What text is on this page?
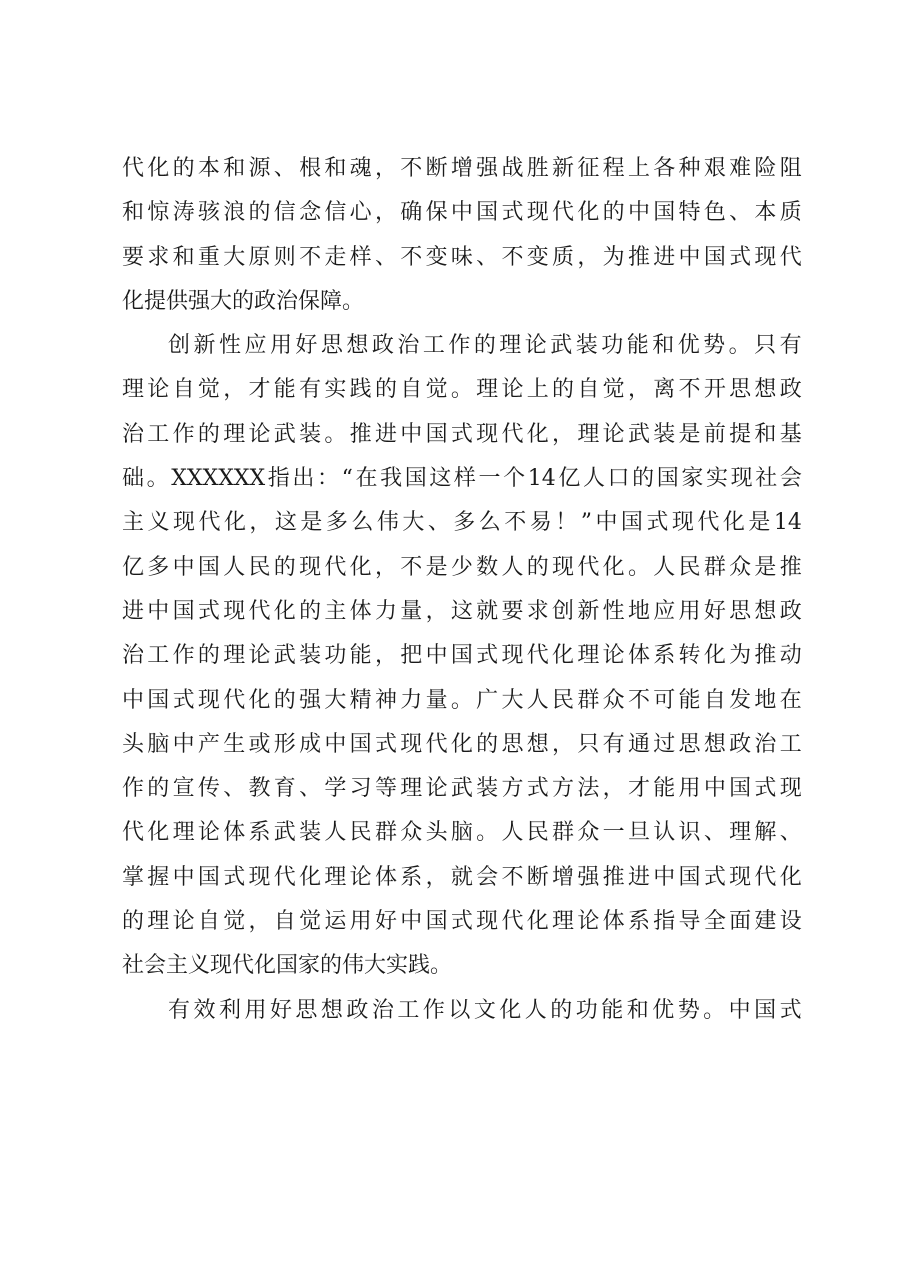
代 化 的 本 和 源 、 根 和 魂 ， 不 断 增 强 战 胜 新 征 程 上 各 种 艰 难 险 阻
和 惊 涛 骇 浪 的 信 念 信 心 ， 确 保 中 国 式 现 代 化 的 中 国 特 色 、 本 质
要 求 和 重 大 原 则 不 走 样 、 不 变 味 、 不 变 质 ， 为 推 进 中 国 式 现 代
化提供强大的政治保障。
创 新 性 应 用 好 思 想 政 治 工 作 的 理 论 武 装 功 能 和 优 势 。 只 有
理 论 自 觉 ， 才 能 有 实 践 的 自 觉 。 理 论 上 的 自 觉 ， 离 不 开 思 想 政
治 工 作 的 理 论 武 装 。 推 进 中 国 式 现 代 化 ， 理 论 武 装 是 前 提 和 基
础 。 XXXXXX 指 出 ： “ 在 我 国 这 样 一 个 14 亿 人 口 的 国 家 实 现 社 会
主 义 现 代 化 ， 这 是 多 么 伟 大 、 多 么 不 易 ！ ” 中 国 式 现 代 化 是 14
亿 多 中 国 人 民 的 现 代 化 ， 不 是 少 数 人 的 现 代 化 。 人 民 群 众 是 推
进 中 国 式 现 代 化 的 主 体 力 量 ， 这 就 要 求 创 新 性 地 应 用 好 思 想 政
治 工 作 的 理 论 武 装 功 能 ， 把 中 国 式 现 代 化 理 论 体 系 转 化 为 推 动
中 国 式 现 代 化 的 强 大 精 神 力 量 。 广 大 人 民 群 众 不 可 能 自 发 地 在
头 脑 中 产 生 或 形 成 中 国 式 现 代 化 的 思 想 ， 只 有 通 过 思 想 政 治 工
作 的 宣 传 、 教 育 、 学 习 等 理 论 武 装 方 式 方 法 ， 才 能 用 中 国 式 现
代 化 理 论 体 系 武 装 人 民 群 众 头 脑 。 人 民 群 众 一 旦 认 识 、 理 解 、
掌 握 中 国 式 现 代 化 理 论 体 系 ， 就 会 不 断 增 强 推 进 中 国 式 现 代 化
的 理 论 自 觉 ， 自 觉 运 用 好 中 国 式 现 代 化 理 论 体 系 指 导 全 面 建 设
社会主义现代化国家的伟大实践。
有 效 利 用 好 思 想 政 治 工 作 以 文 化 人 的 功 能 和 优 势 。 中 国 式
